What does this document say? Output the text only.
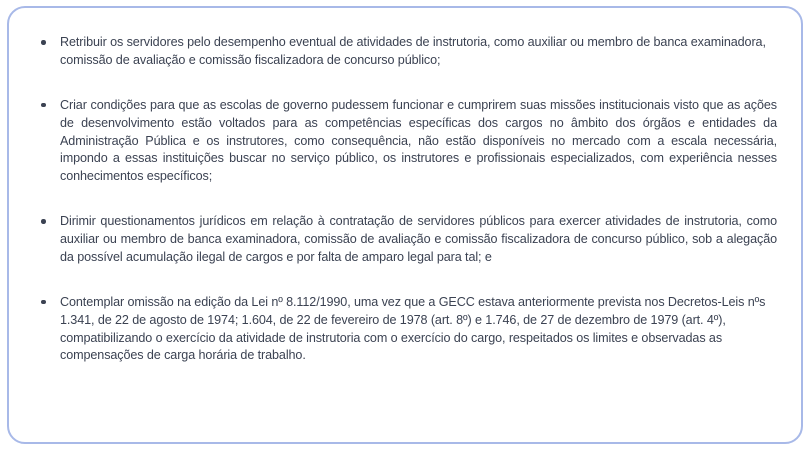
Retribuir os servidores pelo desempenho eventual de atividades de instrutoria, como auxiliar ou membro de banca examinadora, comissão de avaliação e comissão fiscalizadora de concurso público;
Criar condições para que as escolas de governo pudessem funcionar e cumprirem suas missões institucionais visto que as ações de desenvolvimento estão voltados para as competências específicas dos cargos no âmbito dos órgãos e entidades da Administração Pública e os instrutores, como consequência, não estão disponíveis no mercado com a escala necessária, impondo a essas instituições buscar no serviço público, os instrutores e profissionais especializados, com experiência nesses conhecimentos específicos;
Dirimir questionamentos jurídicos em relação à contratação de servidores públicos para exercer atividades de instrutoria, como auxiliar ou membro de banca examinadora, comissão de avaliação e comissão fiscalizadora de concurso público, sob a alegação da possível acumulação ilegal de cargos e por falta de amparo legal para tal; e
Contemplar omissão na edição da Lei nº 8.112/1990, uma vez que a GECC estava anteriormente prevista nos Decretos-Leis nºs 1.341, de 22 de agosto de 1974; 1.604, de 22 de fevereiro de 1978 (art. 8º) e 1.746, de 27 de dezembro de 1979 (art. 4º), compatibilizando o exercício da atividade de instrutoria com o exercício do cargo, respeitados os limites e observadas as compensações de carga horária de trabalho.
